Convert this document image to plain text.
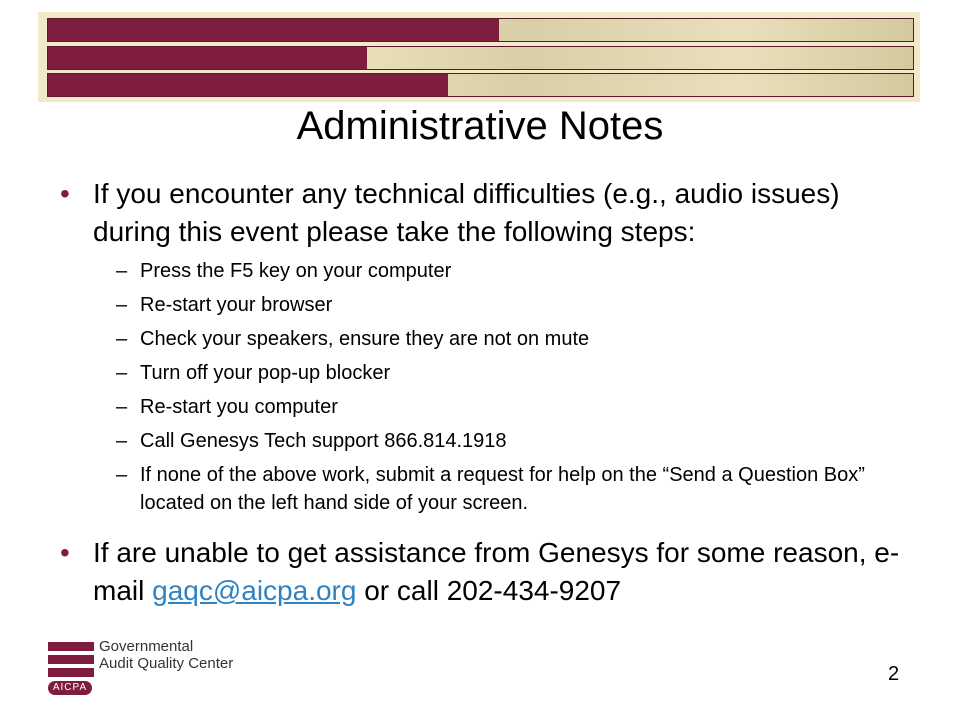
Administrative Notes
• If you encounter any technical difficulties (e.g., audio issues) during this event please take the following steps:
– Press the F5 key on your computer
– Re-start your browser
– Check your speakers, ensure they are not on mute
– Turn off your pop-up blocker
– Re-start you computer
– Call Genesys Tech support 866.814.1918
– If none of the above work, submit a request for help on the “Send a Question Box” located on the left hand side of your screen.
• If are unable to get assistance from Genesys for some reason, e-mail gaqc@aicpa.org or call 202-434-9207
AICPA
Governmental
Audit Quality Center	2
